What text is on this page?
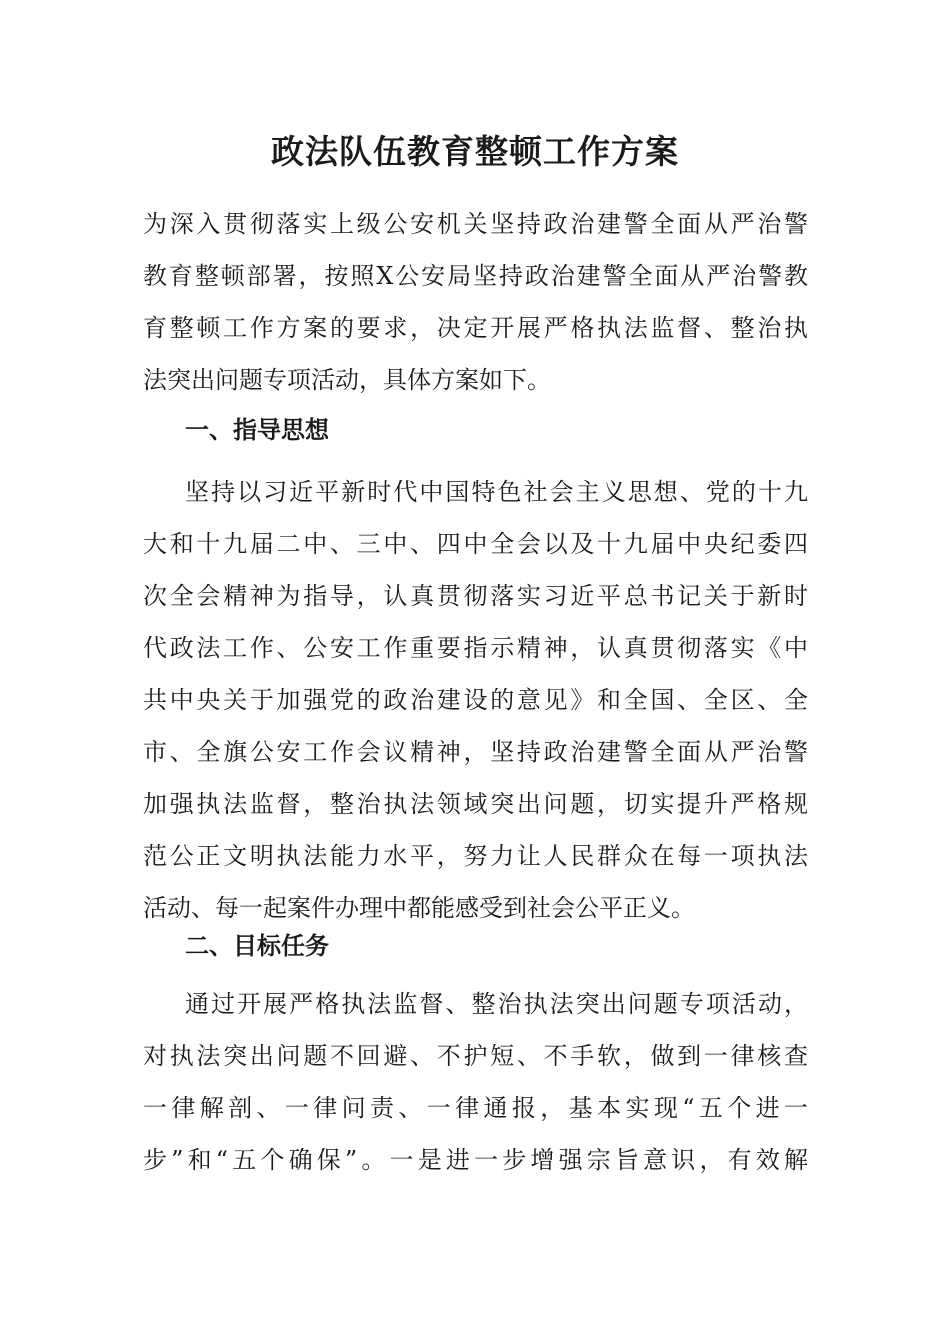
政法队伍教育整顿工作方案
为深入贯彻落实上级公安机关坚持政治建警全面从严治警
教育整顿部署，按照X公安局坚持政治建警全面从严治警教
育整顿工作方案的要求，决定开展严格执法监督、整治执
法突出问题专项活动，具体方案如下。
一、指导思想
坚持以习近平新时代中国特色社会主义思想、党的十九
大和十九届二中、三中、四中全会以及十九届中央纪委四
次全会精神为指导，认真贯彻落实习近平总书记关于新时
代政法工作、公安工作重要指示精神，认真贯彻落实《中
共中央关于加强党的政治建设的意见》和全国、全区、全
市、全旗公安工作会议精神，坚持政治建警全面从严治警
加强执法监督，整治执法领域突出问题，切实提升严格规
范公正文明执法能力水平，努力让人民群众在每一项执法
活动、每一起案件办理中都能感受到社会公平正义。
二、目标任务
通过开展严格执法监督、整治执法突出问题专项活动，
对执法突出问题不回避、不护短、不手软，做到一律核查
一律解剖、一律问责、一律通报，基本实现“五个进一
步”和“五个确保”。一是进一步增强宗旨意识，有效解
